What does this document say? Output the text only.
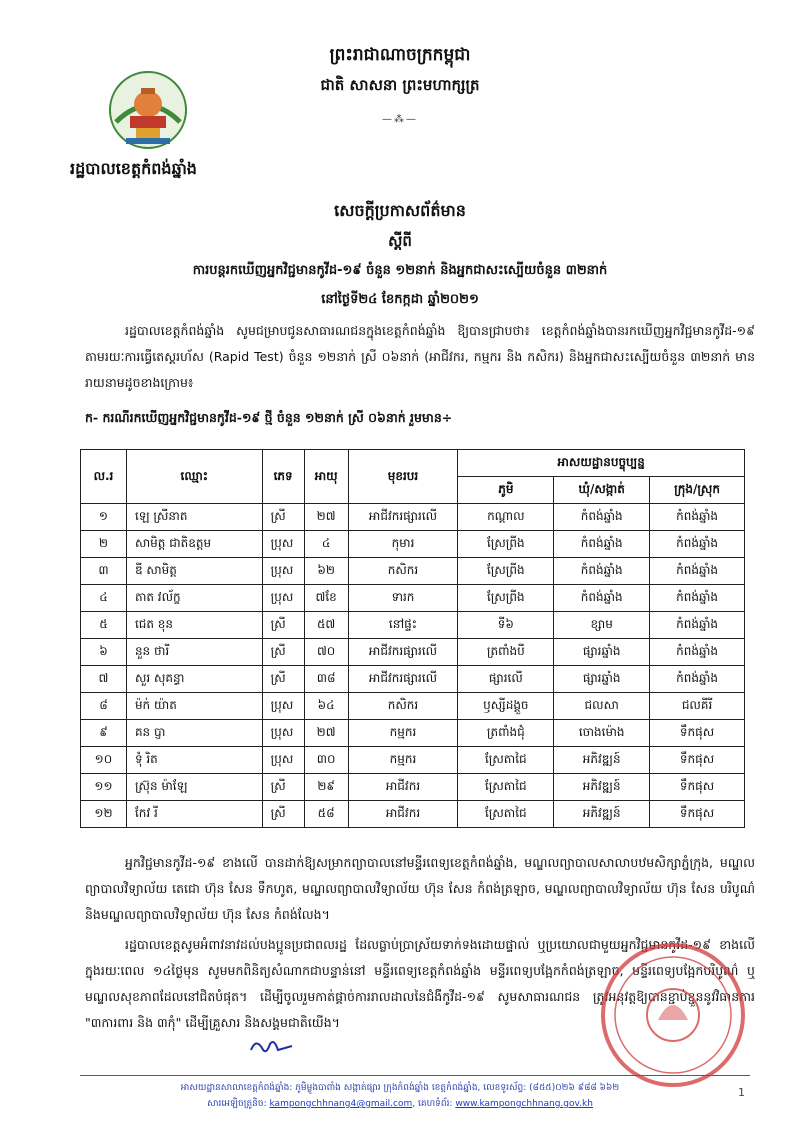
ព្រះរាជាណាចក្រកម្ពុជា
ជាតិ សាសនា ព្រះមហាក្សត្រ
—⁂—
រដ្ឋបាលខេត្តកំពង់ឆ្នាំង
សេចក្តីប្រកាសព័ត៌មាន
ស្តីពី
ការបន្តរកឃើញអ្នកវិជ្ជមានកូវីដ-១៩ ចំនួន ១២នាក់ និងអ្នកជាសះស្បើយចំនួន ៣២នាក់
នៅថ្ងៃទី២៤ ខែកក្កដា ឆ្នាំ២០២១
រដ្ឋបាលខេត្តកំពង់ឆ្នាំង សូមជម្រាបជូនសាធារណជនក្នុងខេត្តកំពង់ឆ្នាំង ឱ្យបានជ្រាបថា៖ ខេត្តកំពង់ឆ្នាំងបានរកឃើញអ្នកវិជ្ជមានកូវីដ-១៩ តាមរយៈការធ្វើតេស្តរហ័ស (Rapid Test) ចំនួន ១២នាក់ ស្រី ០៦នាក់ (អាជីវករ, កម្មករ និង កសិករ) និងអ្នកជាសះស្បើយចំនួន ៣២នាក់ មានរាយនាមដូចខាងក្រោម៖
ក- ករណីរកឃើញអ្នកវិជ្ជមានកូវីដ-១៩ ថ្មី ចំនួន ១២នាក់ ស្រី ០៦នាក់ រួមមាន÷
ល.រ	ឈ្មោះ	ភេទ	អាយុ	មុខរបរ	អាសយដ្ឋានបច្ចុប្បន្ន		
					ភូមិ	ឃុំ/សង្កាត់	ក្រុង/ស្រុក
១	ឡេ ស្រីនាត	ស្រី	២៧	អាជីវករផ្សារលើ	កណ្តាល	កំពង់ឆ្នាំង	កំពង់ឆ្នាំង
២	សាមិត្ត ជាតិឧត្តម	ប្រុស	៤	កុមារ	ស្រែព្រីង	កំពង់ឆ្នាំង	កំពង់ឆ្នាំង
៣	ឌី សាមិត្ត	ប្រុស	៦២	កសិករ	ស្រែព្រីង	កំពង់ឆ្នាំង	កំពង់ឆ្នាំង
៤	តាត វល័ក្ខ	ប្រុស	៧ខែ	ទារក	ស្រែព្រីង	កំពង់ឆ្នាំង	កំពង់ឆ្នាំង
៥	ជេត ខុន	ស្រី	៥៧	នៅផ្ទះ	ទី៦	ខ្សាម	កំពង់ឆ្នាំង
៦	នួន ថារី	ស្រី	៧០	អាជីវករផ្សារលើ	ត្រពាំងបី	ផ្សារឆ្នាំង	កំពង់ឆ្នាំង
៧	សួរ សុគន្ធា	ស្រី	៣៨	អាជីវករផ្សារលើ	ផ្សារលើ	ផ្សារឆ្នាំង	កំពង់ឆ្នាំង
៨	ម៉ក់ យ៉ាត	ប្រុស	៦៤	កសិករ	ឫស្សីដង្គួច	ជលសា	ជលគីរី
៩	គន ប្ញា	ប្រុស	២៧	កម្មករ	ត្រពាំងជុំ	ចោងម៉ោង	ទឹកផុស
១០	ទុំ រិត	ប្រុស	៣០	កម្មករ	ស្រែតាជៃ	អភិវឌ្ឍន៍	ទឹកផុស
១១	ស្រ៊ុន ម៉ាឡែ	ស្រី	២៩	អាជីវករ	ស្រែតាជៃ	អភិវឌ្ឍន៍	ទឹកផុស
១២	កែវ រី	ស្រី	៥៨	អាជីវករ	ស្រែតាជៃ	អភិវឌ្ឍន៍	ទឹកផុស
អ្នកវិជ្ជមានកូវីដ-១៩ ខាងលើ បានដាក់ឱ្យសម្រាកព្យាបាលនៅមន្ទីរពេទ្យខេត្តកំពង់ឆ្នាំង, មណ្ឌលព្យាបាលសាលាបឋមសិក្សាភ្នំក្រុង, មណ្ឌលព្យាបាលវិទ្យាល័យ តេជោ ហ៊ុន សែន ទឹកហូត, មណ្ឌលព្យាបាលវិទ្យាល័យ ហ៊ុន សែន កំពង់ត្រឡាច, មណ្ឌលព្យាបាលវិទ្យាល័យ ហ៊ុន សែន បរិបូណ៌ និងមណ្ឌលព្យាបាលវិទ្យាល័យ ហ៊ុន សែន កំពង់លែង។
រដ្ឋបាលខេត្តសូមអំពាវនាវដល់បងប្អូនប្រជាពលរដ្ឋ ដែលធ្លាប់ប្រាស្រ័យទាក់ទងដោយផ្ទាល់ ឬប្រយោលជាមួយអ្នកវិជ្ជមានកូវីដ-១៩ ខាងលើ ក្នុងរយៈពេល ១៤ថ្ងៃមុន សូមមកពិនិត្យសំណាកជាបន្ទាន់នៅ មន្ទីរពេទ្យខេត្តកំពង់ឆ្នាំង មន្ទីរពេទ្យបង្អែកកំពង់ត្រឡាច, មន្ទីរពេទ្យបង្អែកបរិបូណ៌ ឬមណ្ឌលសុខភាពដែលនៅជិតបំផុត។ ដើម្បីចូលរួមកាត់ផ្តាច់ការរាលដាលនៃជំងឺកូវីដ-១៩ សូមសាធារណជន ត្រូវអនុវត្តឱ្យបានខ្ជាប់ខ្ជួននូវវិធានការ "៣ការពារ និង ៣កុំ" ដើម្បីគ្រួសារ និងសង្គមជាតិយើង។
អាសយដ្ឋានសាលាខេត្តកំពង់ឆ្នាំង: ភូមិម្លូងបាពាំង សង្កាត់ផ្សារ ក្រុងកំពង់ឆ្នាំង ខេត្តកំពង់ឆ្នាំង, លេខទូរស័ព្ទ: (៨៥៥)០២៦ ៩៨៨ ៦៦២
សារអេឡិចត្រូនិច: kampongchhnang4@gmail.com, គេហទំព័រ: www.kampongchhnang.gov.kh
1
